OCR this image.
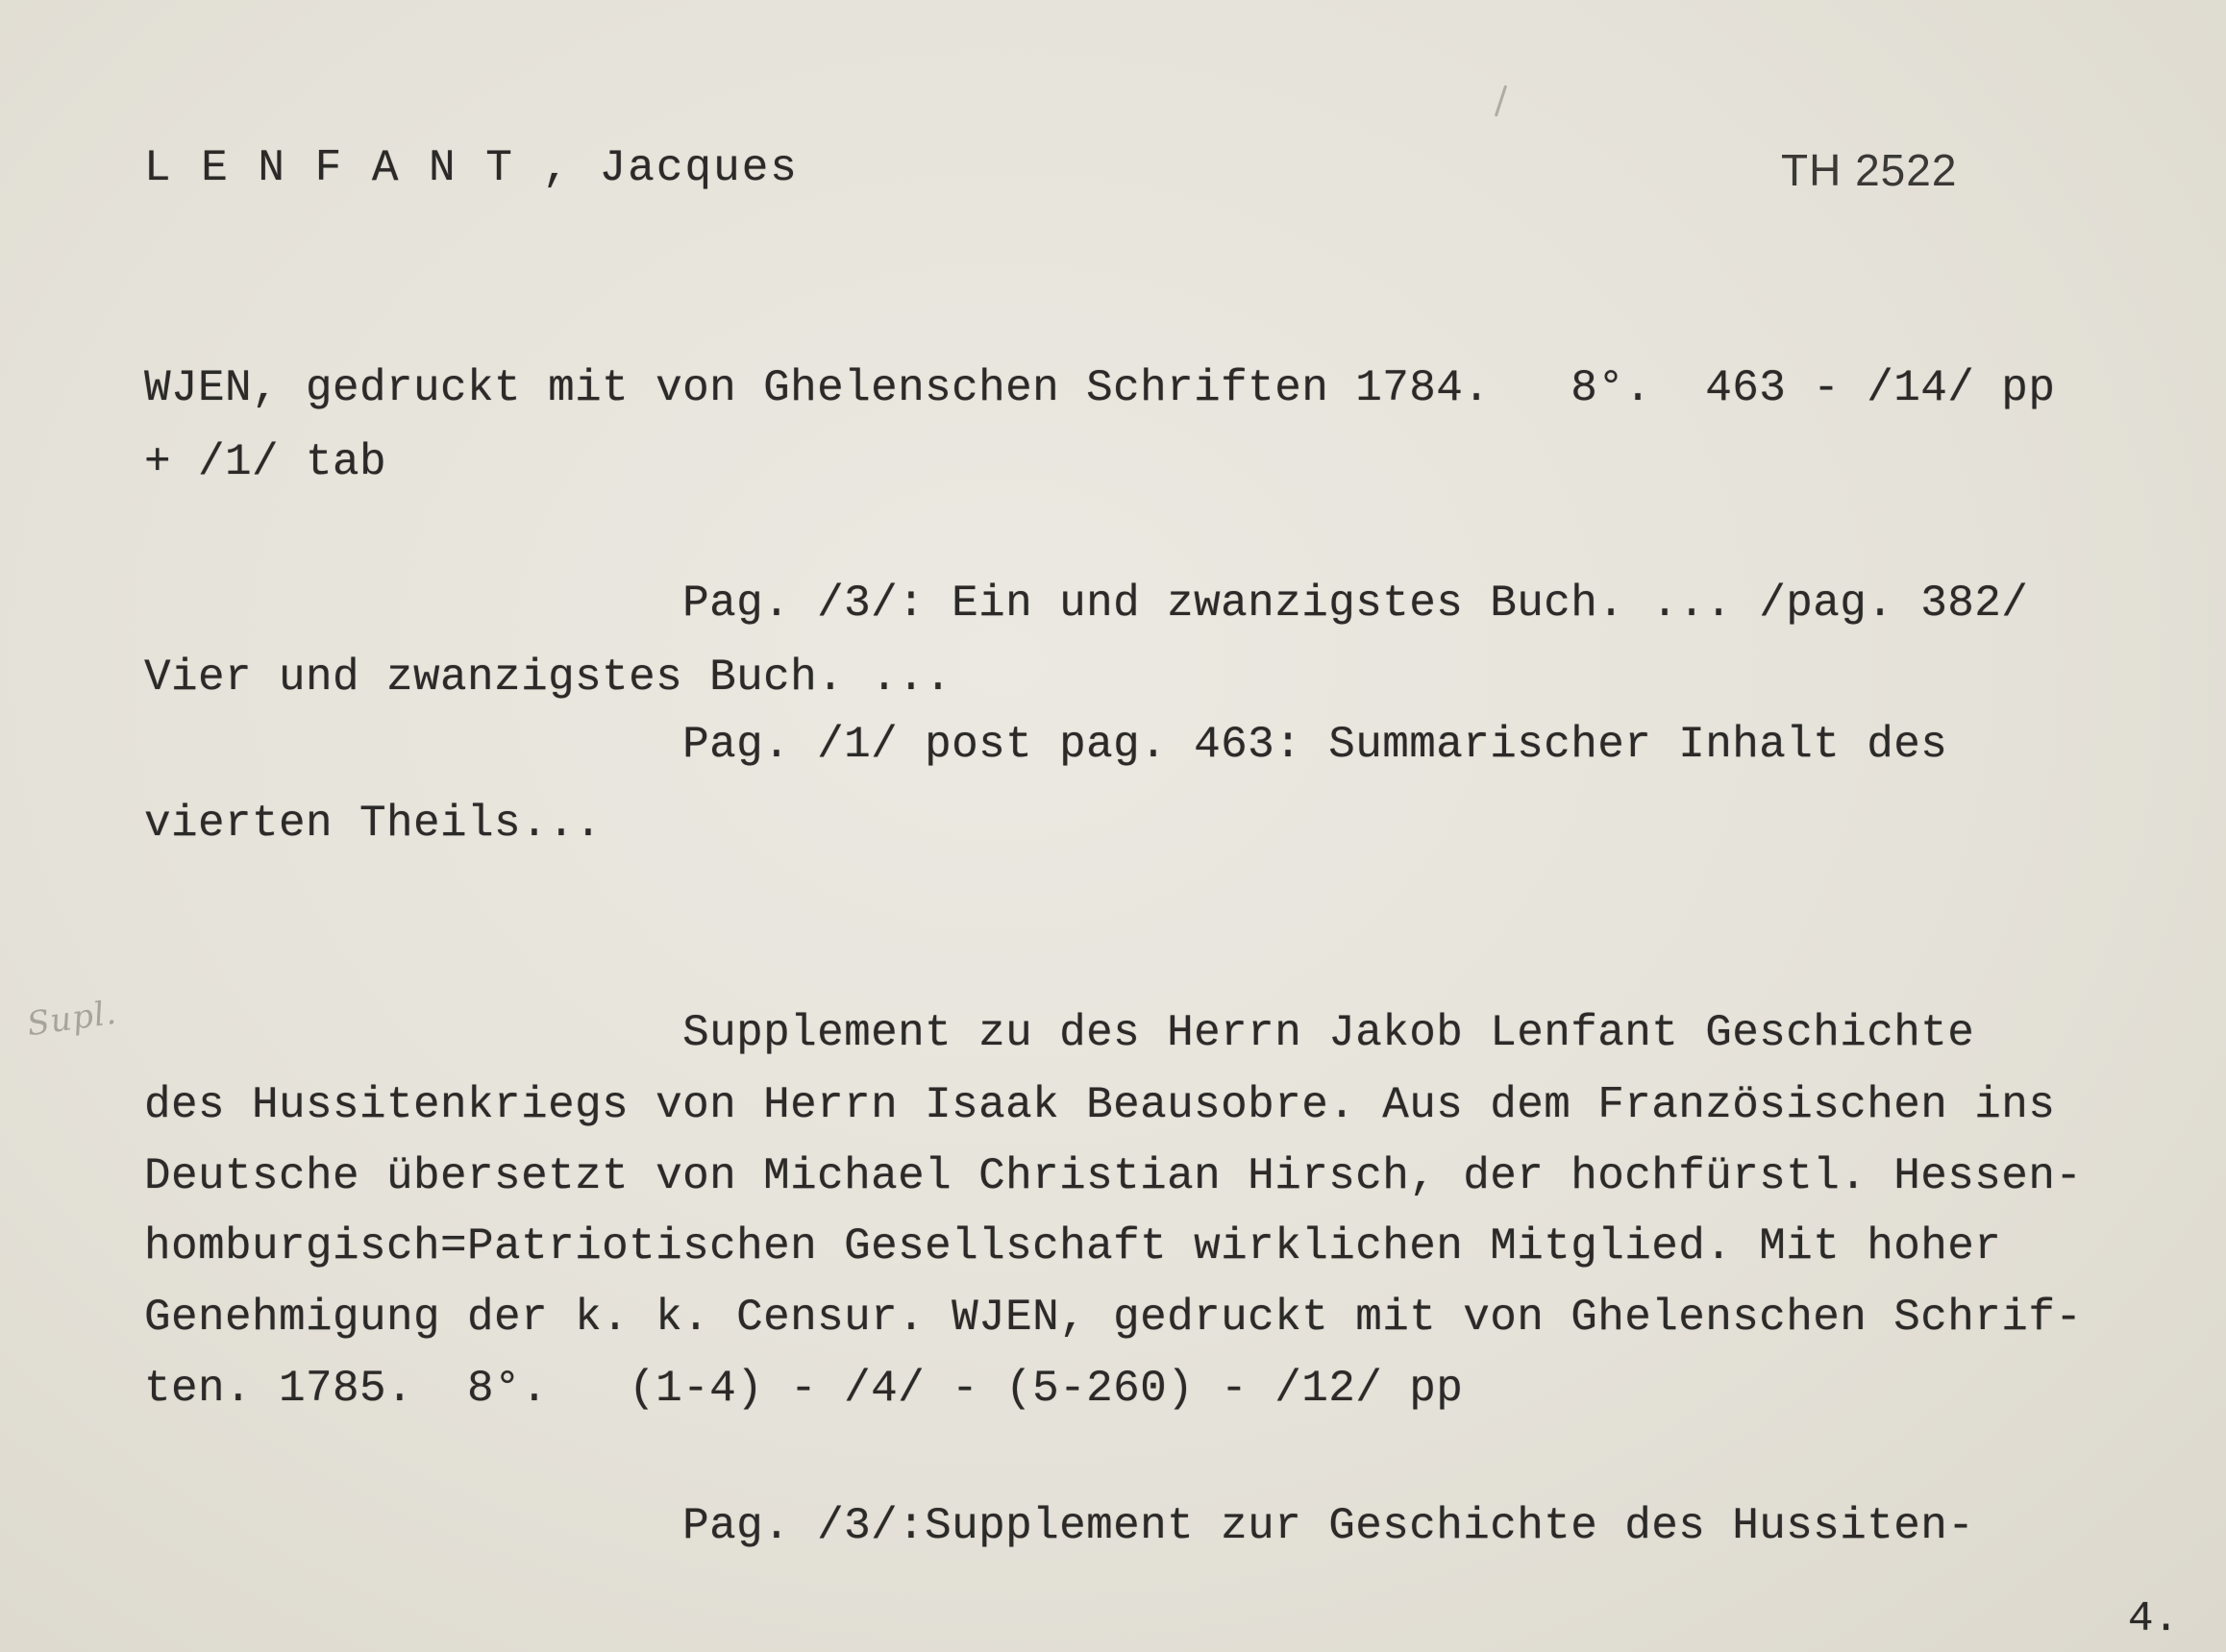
L E N F A N T , Jacques	TH 2522
WJEN, gedruckt mit von Ghelenschen Schriften 1784.   8°.  463 - /14/ pp
+ /1/ tab
Pag. /3/: Ein und zwanzigstes Buch. ... /pag. 382/
Vier und zwanzigstes Buch. ...
Pag. /1/ post pag. 463: Summarischer Inhalt des
vierten Theils...
Supl. Supplement zu des Herrn Jakob Lenfant Geschichte
des Hussitenkriegs von Herrn Isaak Beausobre. Aus dem Französischen ins
Deutsche übersetzt von Michael Christian Hirsch, der hochfürstl. Hessen-
homburgisch=Patriotischen Gesellschaft wirklichen Mitglied. Mit hoher
Genehmigung der k. k. Censur. WJEN, gedruckt mit von Ghelenschen Schrif-
ten. 1785.  8°.   (1-4) - /4/ - (5-260) - /12/ pp
Pag. /3/:Supplement zur Geschichte des Hussiten-
4.
